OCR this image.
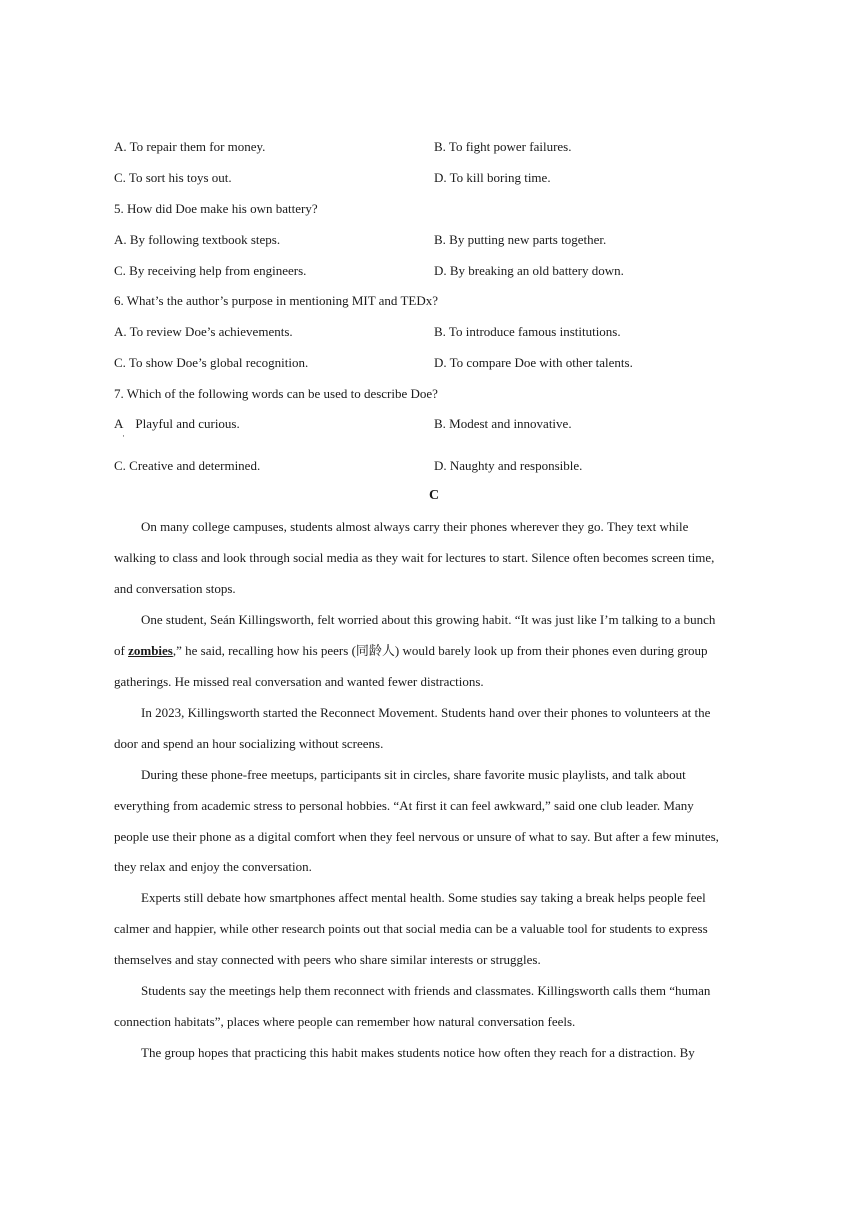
A. To repair them for money.	B. To fight power failures.
C. To sort his toys out.	D. To kill boring time.
5. How did Doe make his own battery?
A. By following textbook steps.	B. By putting new parts together.
C. By receiving help from engineers.	D. By breaking an old battery down.
6. What’s the author’s purpose in mentioning MIT and TEDx?
A. To review Doe’s achievements.	B. To introduce famous institutions.
C. To show Doe’s global recognition.	D. To compare Doe with other talents.
7. Which of the following words can be used to describe Doe?
A Playful and curious.
·
B. Modest and innovative.
C. Creative and determined.	D. Naughty and responsible.
C
On many college campuses, students almost always carry their phones wherever they go. They text while
walking to class and look through social media as they wait for lectures to start. Silence often becomes screen time,
and conversation stops.
One student, Seán Killingsworth, felt worried about this growing habit. “It was just like I’m talking to a bunch
of zombies,” he said, recalling how his peers (同龄人) would barely look up from their phones even during group
gatherings. He missed real conversation and wanted fewer distractions.
In 2023, Killingsworth started the Reconnect Movement. Students hand over their phones to volunteers at the
door and spend an hour socializing without screens.
During these phone-free meetups, participants sit in circles, share favorite music playlists, and talk about
everything from academic stress to personal hobbies. “At first it can feel awkward,” said one club leader. Many
people use their phone as a digital comfort when they feel nervous or unsure of what to say. But after a few minutes,
they relax and enjoy the conversation.
Experts still debate how smartphones affect mental health. Some studies say taking a break helps people feel
calmer and happier, while other research points out that social media can be a valuable tool for students to express
themselves and stay connected with peers who share similar interests or struggles.
Students say the meetings help them reconnect with friends and classmates. Killingsworth calls them “human
connection habitats”, places where people can remember how natural conversation feels.
The group hopes that practicing this habit makes students notice how often they reach for a distraction. By
